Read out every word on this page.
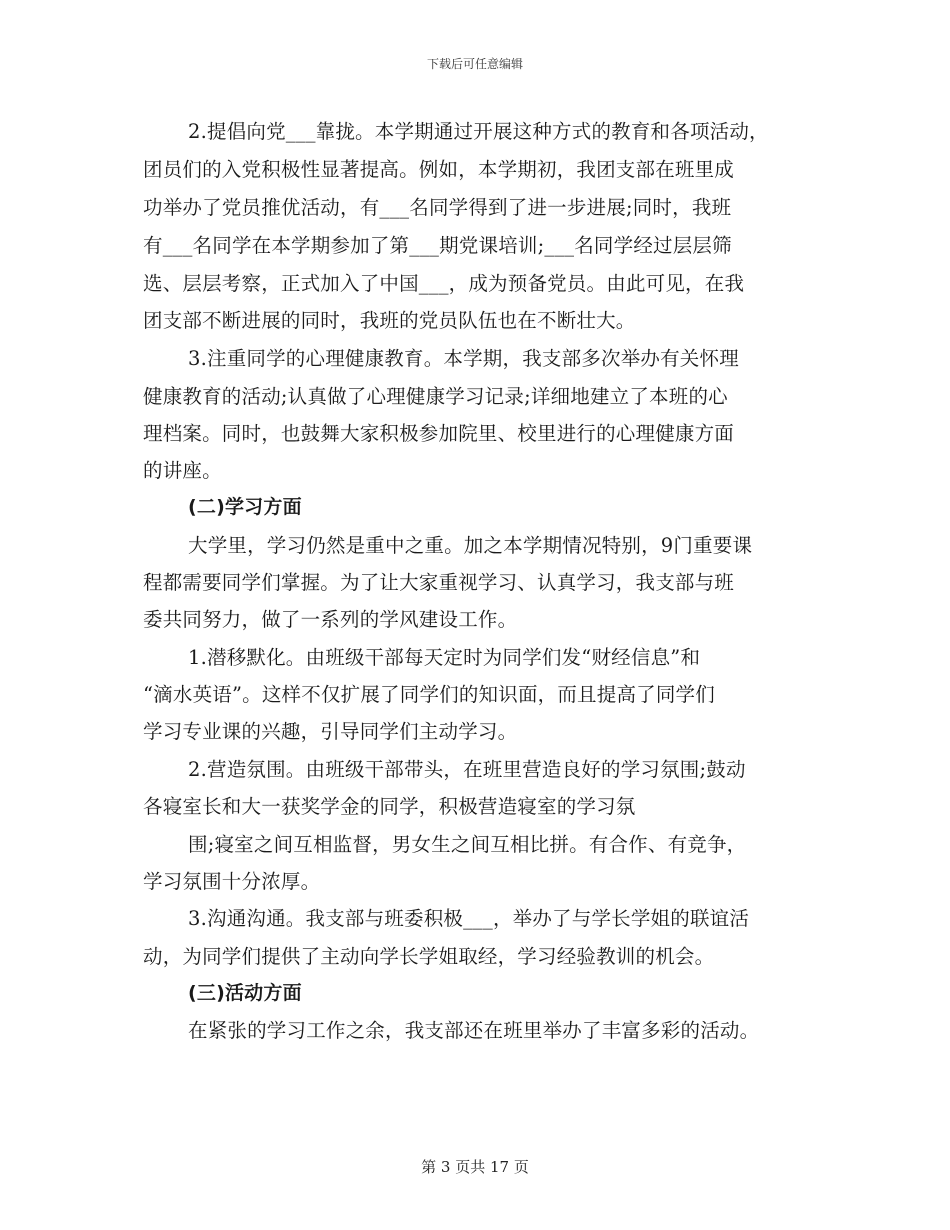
下载后可任意编辑
2.提倡向党___靠拢。本学期通过开展这种方式的教育和各项活动，
团员们的入党积极性显著提高。例如，本学期初，我团支部在班里成
功举办了党员推优活动，有___名同学得到了进一步进展;同时，我班
有___名同学在本学期参加了第___期党课培训;___名同学经过层层筛
选、层层考察，正式加入了中国___，成为预备党员。由此可见，在我
团支部不断进展的同时，我班的党员队伍也在不断壮大。
3.注重同学的心理健康教育。本学期，我支部多次举办有关怀理
健康教育的活动;认真做了心理健康学习记录;详细地建立了本班的心
理档案。同时，也鼓舞大家积极参加院里、校里进行的心理健康方面
的讲座。
(二)学习方面
大学里，学习仍然是重中之重。加之本学期情况特别，9门重要课
程都需要同学们掌握。为了让大家重视学习、认真学习，我支部与班
委共同努力，做了一系列的学风建设工作。
1.潜移默化。由班级干部每天定时为同学们发“财经信息”和
“滴水英语”。这样不仅扩展了同学们的知识面，而且提高了同学们
学习专业课的兴趣，引导同学们主动学习。
2.营造氛围。由班级干部带头，在班里营造良好的学习氛围;鼓动
各寝室长和大一获奖学金的同学，积极营造寝室的学习氛
围;寝室之间互相监督，男女生之间互相比拼。有合作、有竞争，
学习氛围十分浓厚。
3.沟通沟通。我支部与班委积极___，举办了与学长学姐的联谊活
动，为同学们提供了主动向学长学姐取经，学习经验教训的机会。
(三)活动方面
在紧张的学习工作之余，我支部还在班里举办了丰富多彩的活动。
第 3 页共 17 页
